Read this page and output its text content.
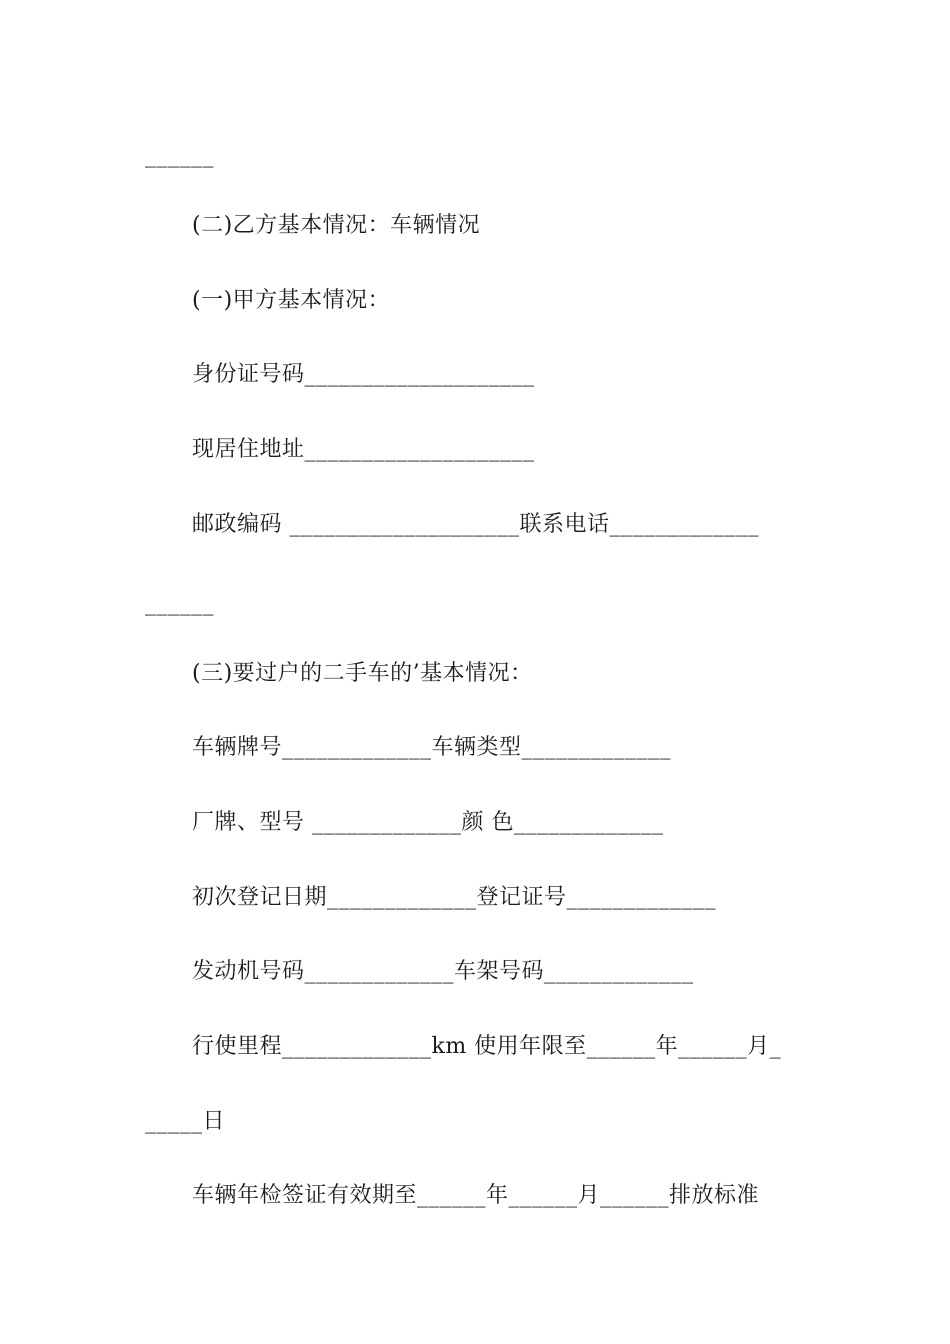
______
(二)乙方基本情况：车辆情况
(一)甲方基本情况：
身份证号码____________________
现居住地址____________________
邮政编码 ____________________联系电话_____________
______
(三)要过户的二手车的’基本情况：
车辆牌号_____________车辆类型_____________
厂牌、型号 _____________颜 色_____________
初次登记日期_____________登记证号_____________
发动机号码_____________车架号码_____________
行使里程_____________km 使用年限至______年______月_
_____日
车辆年检签证有效期至______年______月______排放标准
